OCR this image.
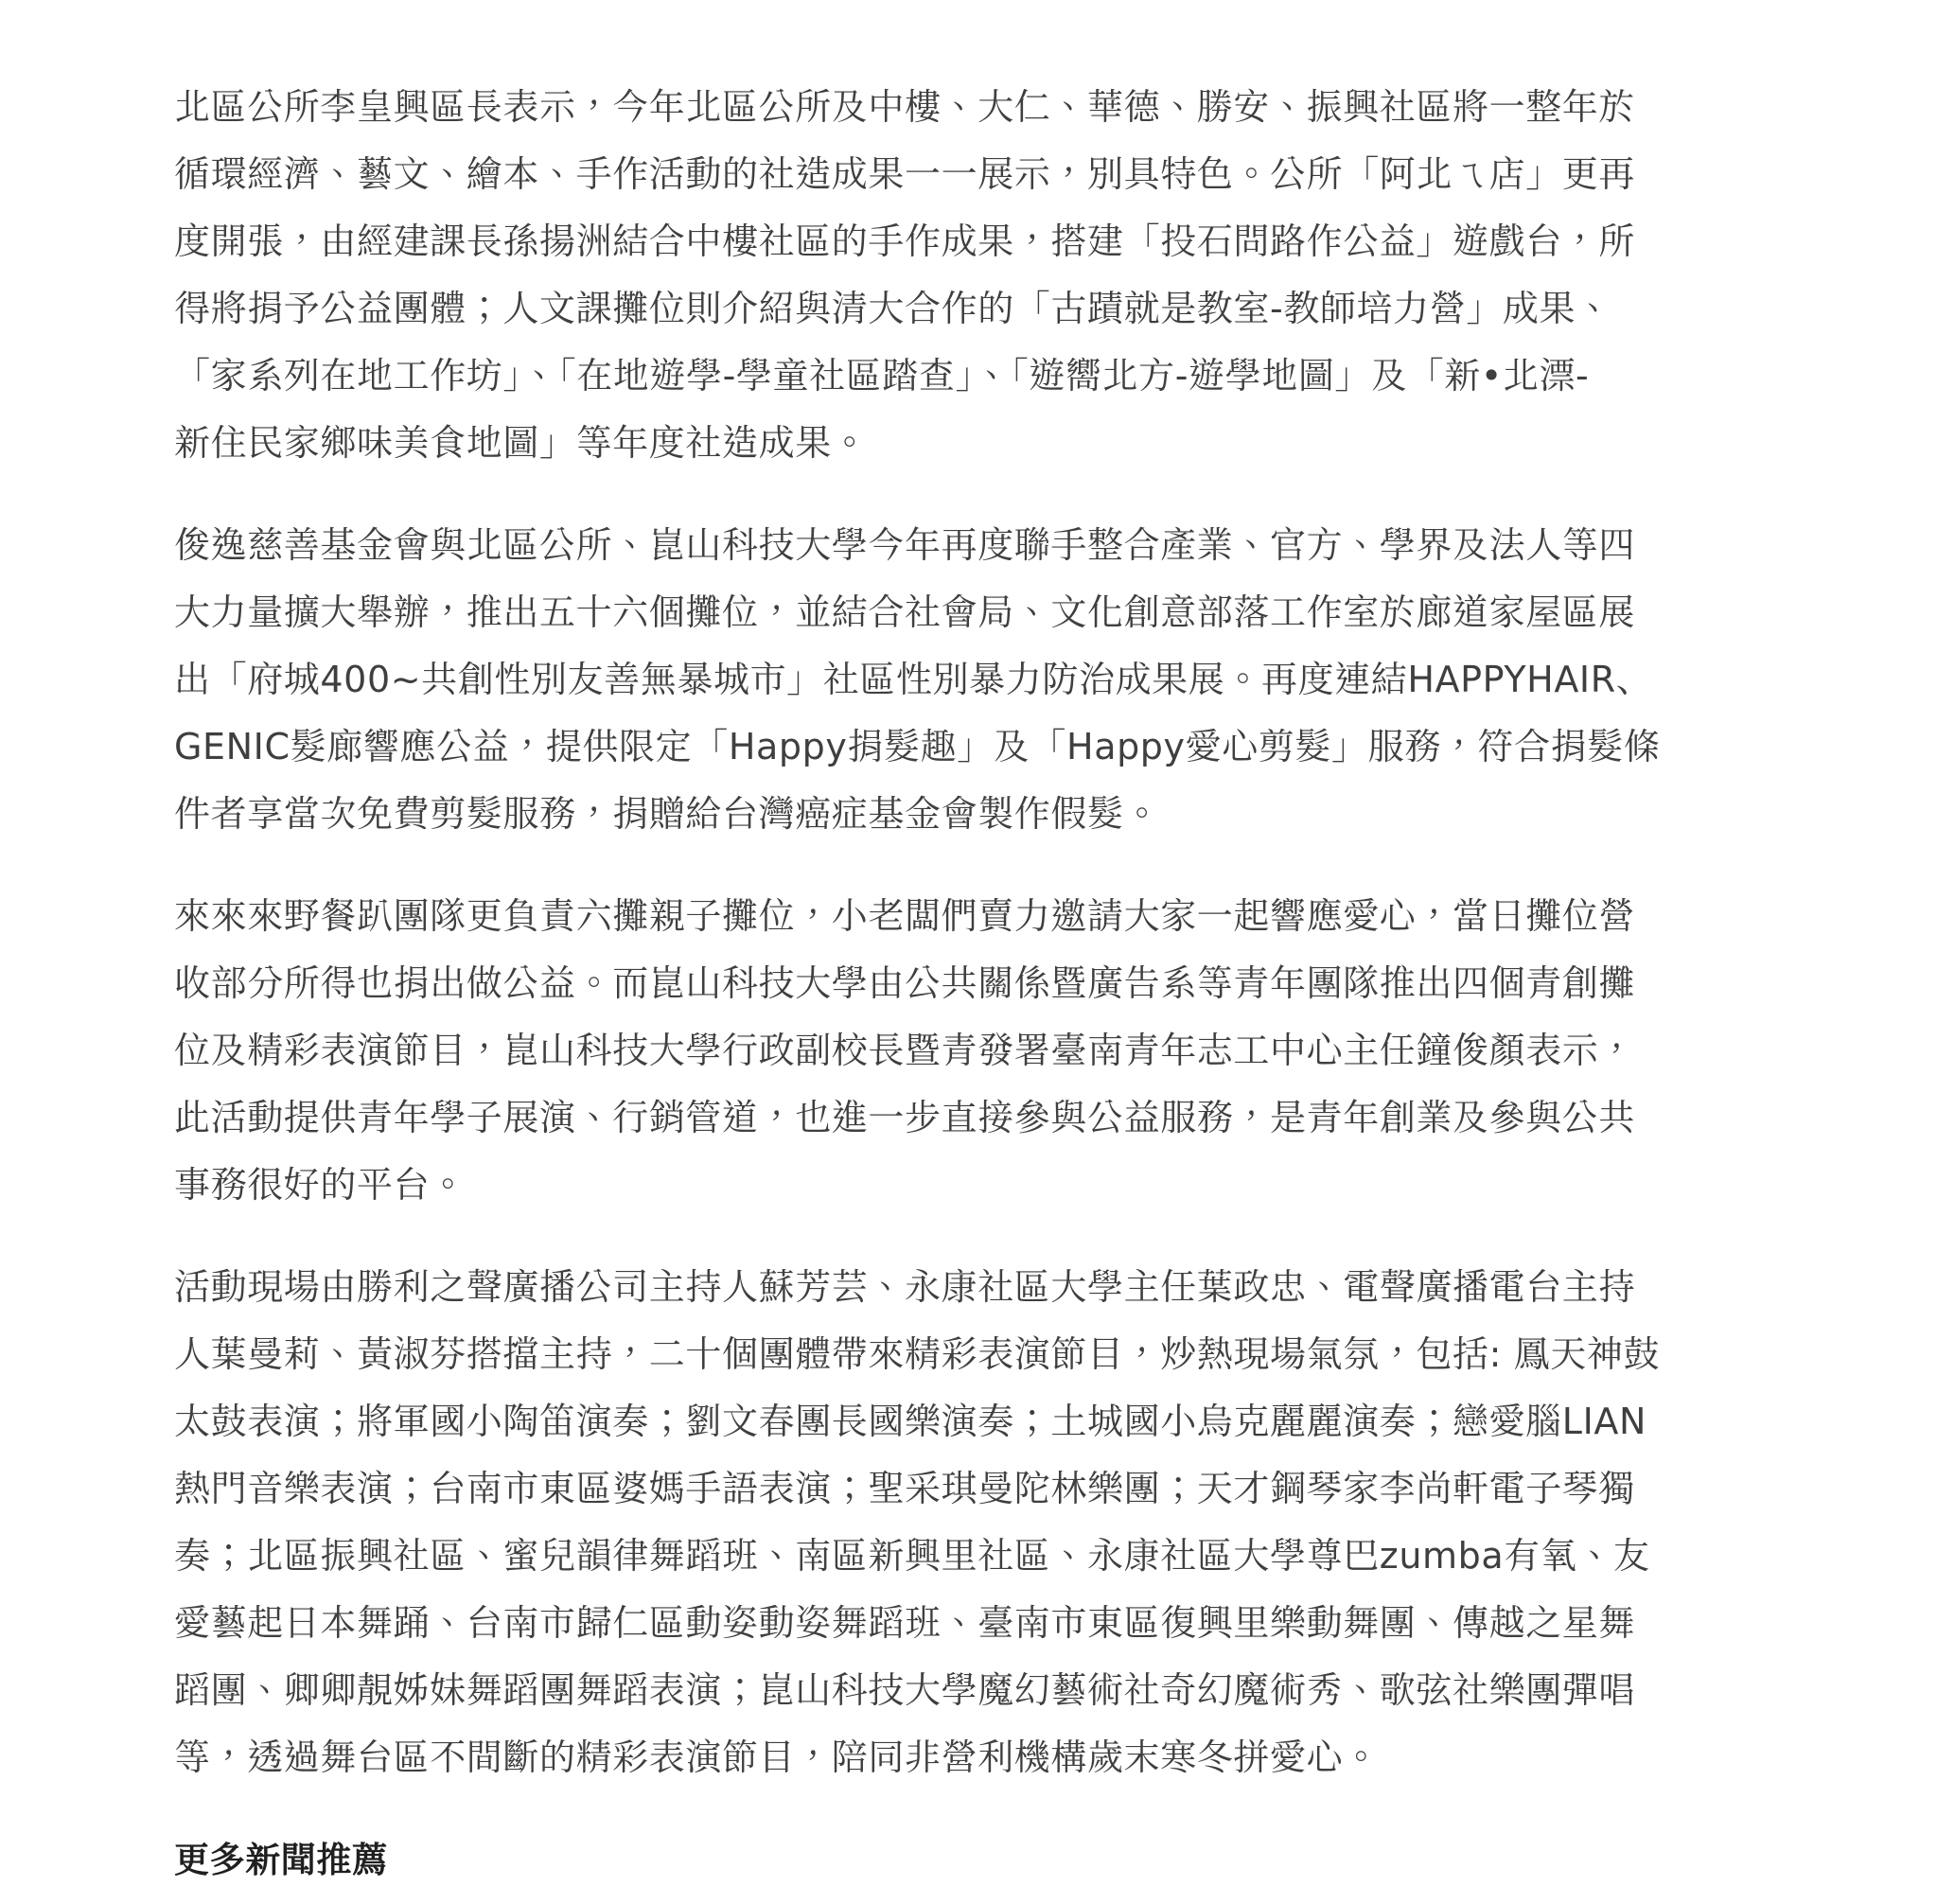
北區公所李皇興區長表示，今年北區公所及中樓、大仁、華德、勝安、振興社區將一整年於
循環經濟、藝文、繪本、手作活動的社造成果一一展示，別具特色。公所「阿北ㄟ店」更再
度開張，由經建課長孫揚洲結合中樓社區的手作成果，搭建「投石問路作公益」遊戲台，所
得將捐予公益團體；人文課攤位則介紹與清大合作的「古蹟就是教室-教師培力營」成果、
「家系列在地工作坊」、「在地遊學-學童社區踏查」、「遊嚮北方-遊學地圖」及「新•北漂-
新住民家鄉味美食地圖」等年度社造成果。
俊逸慈善基金會與北區公所、崑山科技大學今年再度聯手整合產業、官方、學界及法人等四
大力量擴大舉辦，推出五十六個攤位，並結合社會局、文化創意部落工作室於廊道家屋區展
出「府城400~共創性別友善無暴城市」社區性別暴力防治成果展。再度連結HAPPYHAIR、
GENIC髮廊響應公益，提供限定「Happy捐髮趣」及「Happy愛心剪髮」服務，符合捐髮條
件者享當次免費剪髮服務，捐贈給台灣癌症基金會製作假髮。
來來來野餐趴團隊更負責六攤親子攤位，小老闆們賣力邀請大家一起響應愛心，當日攤位營
收部分所得也捐出做公益。而崑山科技大學由公共關係暨廣告系等青年團隊推出四個青創攤
位及精彩表演節目，崑山科技大學行政副校長暨青發署臺南青年志工中心主任鐘俊顏表示，
此活動提供青年學子展演、行銷管道，也進一步直接參與公益服務，是青年創業及參與公共
事務很好的平台。
活動現場由勝利之聲廣播公司主持人蘇芳芸、永康社區大學主任葉政忠、電聲廣播電台主持
人葉曼莉、黃淑芬搭擋主持，二十個團體帶來精彩表演節目，炒熱現場氣氛，包括: 鳳天神鼓
太鼓表演；將軍國小陶笛演奏；劉文春團長國樂演奏；土城國小烏克麗麗演奏；戀愛腦LIAN
熱門音樂表演；台南市東區婆媽手語表演；聖采琪曼陀林樂團；天才鋼琴家李尚軒電子琴獨
奏；北區振興社區、蜜兒韻律舞蹈班、南區新興里社區、永康社區大學尊巴zumba有氧、友
愛藝起日本舞踊、台南市歸仁區動姿動姿舞蹈班、臺南市東區復興里樂動舞團、傳越之星舞
蹈團、卿卿靚姊妹舞蹈團舞蹈表演；崑山科技大學魔幻藝術社奇幻魔術秀、歌弦社樂團彈唱
等，透過舞台區不間斷的精彩表演節目，陪同非營利機構歲末寒冬拼愛心。
更多新聞推薦
